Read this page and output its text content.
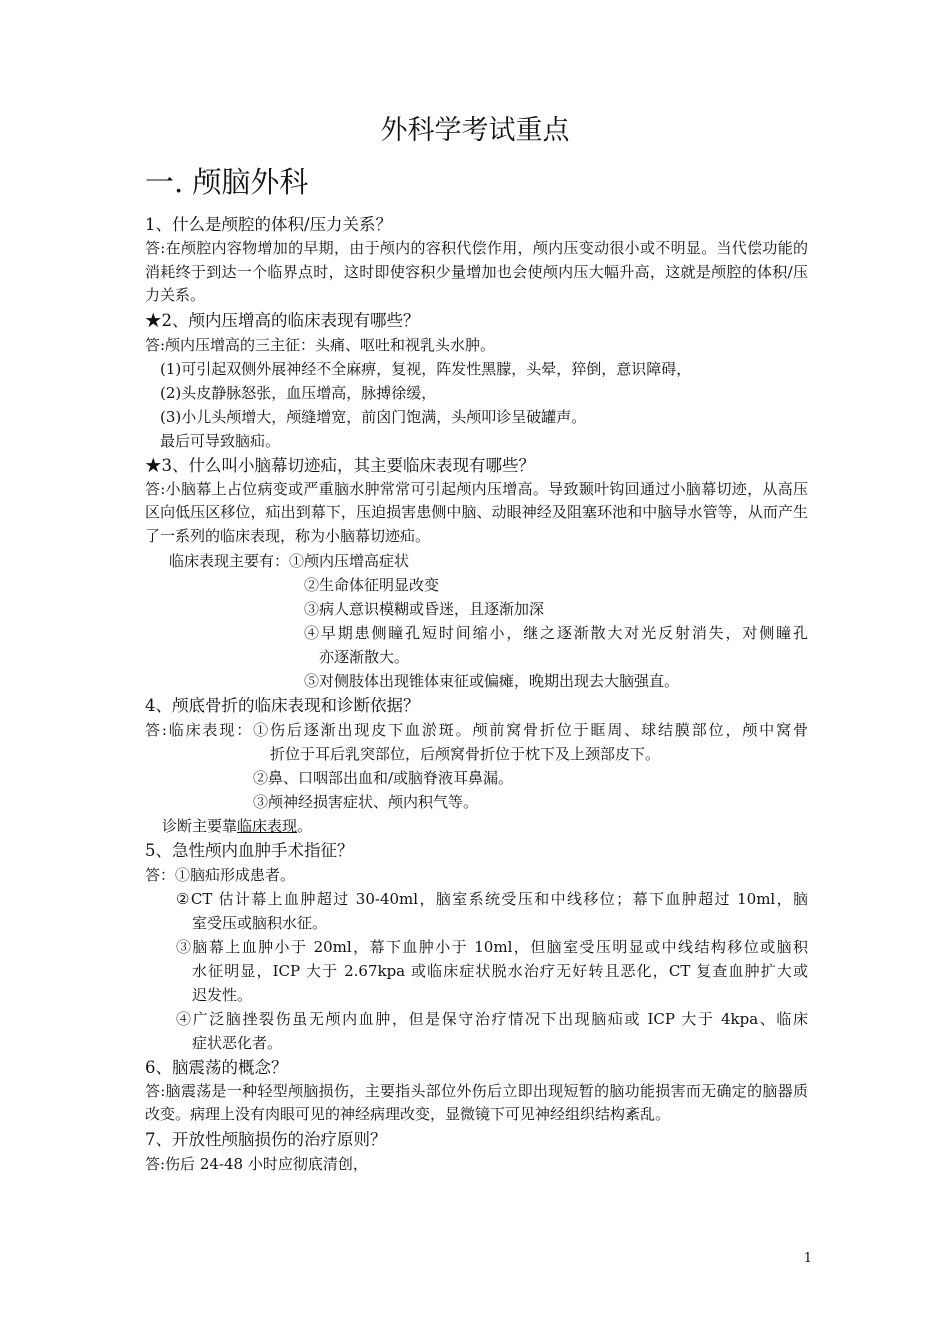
外科学考试重点
一. 颅脑外科
1、什么是颅腔的体积/压力关系？
答:在颅腔内容物增加的早期，由于颅内的容积代偿作用，颅内压变动很小或不明显。当代偿功能的消耗终于到达一个临界点时，这时即使容积少量增加也会使颅内压大幅升高，这就是颅腔的体积/压力关系。
★2、颅内压增高的临床表现有哪些？
答:颅内压增高的三主征：头痛、呕吐和视乳头水肿。
(1)可引起双侧外展神经不全麻痹，复视，阵发性黑朦，头晕，猝倒，意识障碍，
(2)头皮静脉怒张，血压增高，脉搏徐缓，
(3)小儿头颅增大，颅缝增宽，前囟门饱满，头颅叩诊呈破罐声。
最后可导致脑疝。
★3、什么叫小脑幕切迹疝，其主要临床表现有哪些？
答:小脑幕上占位病变或严重脑水肿常常可引起颅内压增高。导致颞叶钩回通过小脑幕切迹，从高压区向低压区移位，疝出到幕下，压迫损害患侧中脑、动眼神经及阻塞环池和中脑导水管等，从而产生了一系列的临床表现，称为小脑幕切迹疝。
临床表现主要有：①颅内压增高症状
②生命体征明显改变
③病人意识模糊或昏迷，且逐渐加深
④早期患侧瞳孔短时间缩小，继之逐渐散大对光反射消失，对侧瞳孔
亦逐渐散大。
⑤对侧肢体出现锥体束征或偏瘫，晚期出现去大脑强直。
4、颅底骨折的临床表现和诊断依据？
答:临床表现：①伤后逐渐出现皮下血淤斑。颅前窝骨折位于眶周、球结膜部位，颅中窝骨
折位于耳后乳突部位，后颅窝骨折位于枕下及上颈部皮下。
②鼻、口咽部出血和/或脑脊液耳鼻漏。
③颅神经损害症状、颅内积气等。
诊断主要靠临床表现。
5、急性颅内血肿手术指征？
答：①脑疝形成患者。
②CT 估计幕上血肿超过 30-40ml，脑室系统受压和中线移位；幕下血肿超过 10ml，脑
室受压或脑积水征。
③脑幕上血肿小于 20ml，幕下血肿小于 10ml，但脑室受压明显或中线结构移位或脑积
水征明显，ICP 大于 2.67kpa 或临床症状脱水治疗无好转且恶化，CT 复查血肿扩大或
迟发性。
④广泛脑挫裂伤虽无颅内血肿，但是保守治疗情况下出现脑疝或 ICP 大于 4kpa、临床
症状恶化者。
6、脑震荡的概念？
答:脑震荡是一种轻型颅脑损伤，主要指头部位外伤后立即出现短暂的脑功能损害而无确定的脑器质改变。病理上没有肉眼可见的神经病理改变，显微镜下可见神经组织结构紊乱。
7、开放性颅脑损伤的治疗原则？
答:伤后 24-48 小时应彻底清创，
1
